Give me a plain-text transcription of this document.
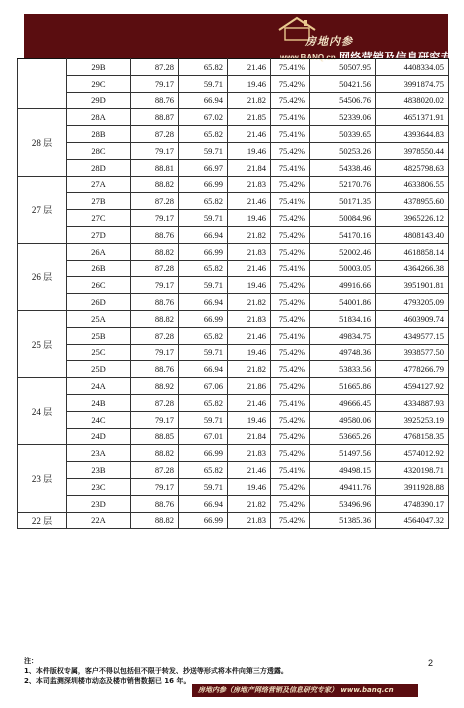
房地内参
www.BANQ.cn 网络营销及信息研究专家
	29B	87.28	65.82	21.46	75.41%	50507.95	4408334.05
	29C	79.17	59.71	19.46	75.42%	50421.56	3991874.75
	29D	88.76	66.94	21.82	75.42%	54506.76	4838020.02
28 层	28A	88.87	67.02	21.85	75.41%	52339.06	4651371.91
	28B	87.28	65.82	21.46	75.41%	50339.65	4393644.83
	28C	79.17	59.71	19.46	75.42%	50253.26	3978550.44
	28D	88.81	66.97	21.84	75.41%	54338.46	4825798.63
27 层	27A	88.82	66.99	21.83	75.42%	52170.76	4633806.55
	27B	87.28	65.82	21.46	75.41%	50171.35	4378955.60
	27C	79.17	59.71	19.46	75.42%	50084.96	3965226.12
	27D	88.76	66.94	21.82	75.42%	54170.16	4808143.40
26 层	26A	88.82	66.99	21.83	75.42%	52002.46	4618858.14
	26B	87.28	65.82	21.46	75.41%	50003.05	4364266.38
	26C	79.17	59.71	19.46	75.42%	49916.66	3951901.81
	26D	88.76	66.94	21.82	75.42%	54001.86	4793205.09
25 层	25A	88.82	66.99	21.83	75.42%	51834.16	4603909.74
	25B	87.28	65.82	21.46	75.41%	49834.75	4349577.15
	25C	79.17	59.71	19.46	75.42%	49748.36	3938577.50
	25D	88.76	66.94	21.82	75.42%	53833.56	4778266.79
24 层	24A	88.92	67.06	21.86	75.42%	51665.86	4594127.92
	24B	87.28	65.82	21.46	75.41%	49666.45	4334887.93
	24C	79.17	59.71	19.46	75.42%	49580.06	3925253.19
	24D	88.85	67.01	21.84	75.42%	53665.26	4768158.35
23 层	23A	88.82	66.99	21.83	75.42%	51497.56	4574012.92
	23B	87.28	65.82	21.46	75.41%	49498.15	4320198.71
	23C	79.17	59.71	19.46	75.42%	49411.76	3911928.88
	23D	88.76	66.94	21.82	75.42%	53496.96	4748390.17
22 层	22A	88.82	66.99	21.83	75.42%	51385.36	4564047.32
注：
1、本件版权专属，客户不得以包括但不限于转发、抄送等形式将本件向第三方透露。
2、本司监测深圳楼市动态及楼市销售数据已 16 年。
2
房地内参（房地产网络营销及信息研究专家） www.banq.cn
